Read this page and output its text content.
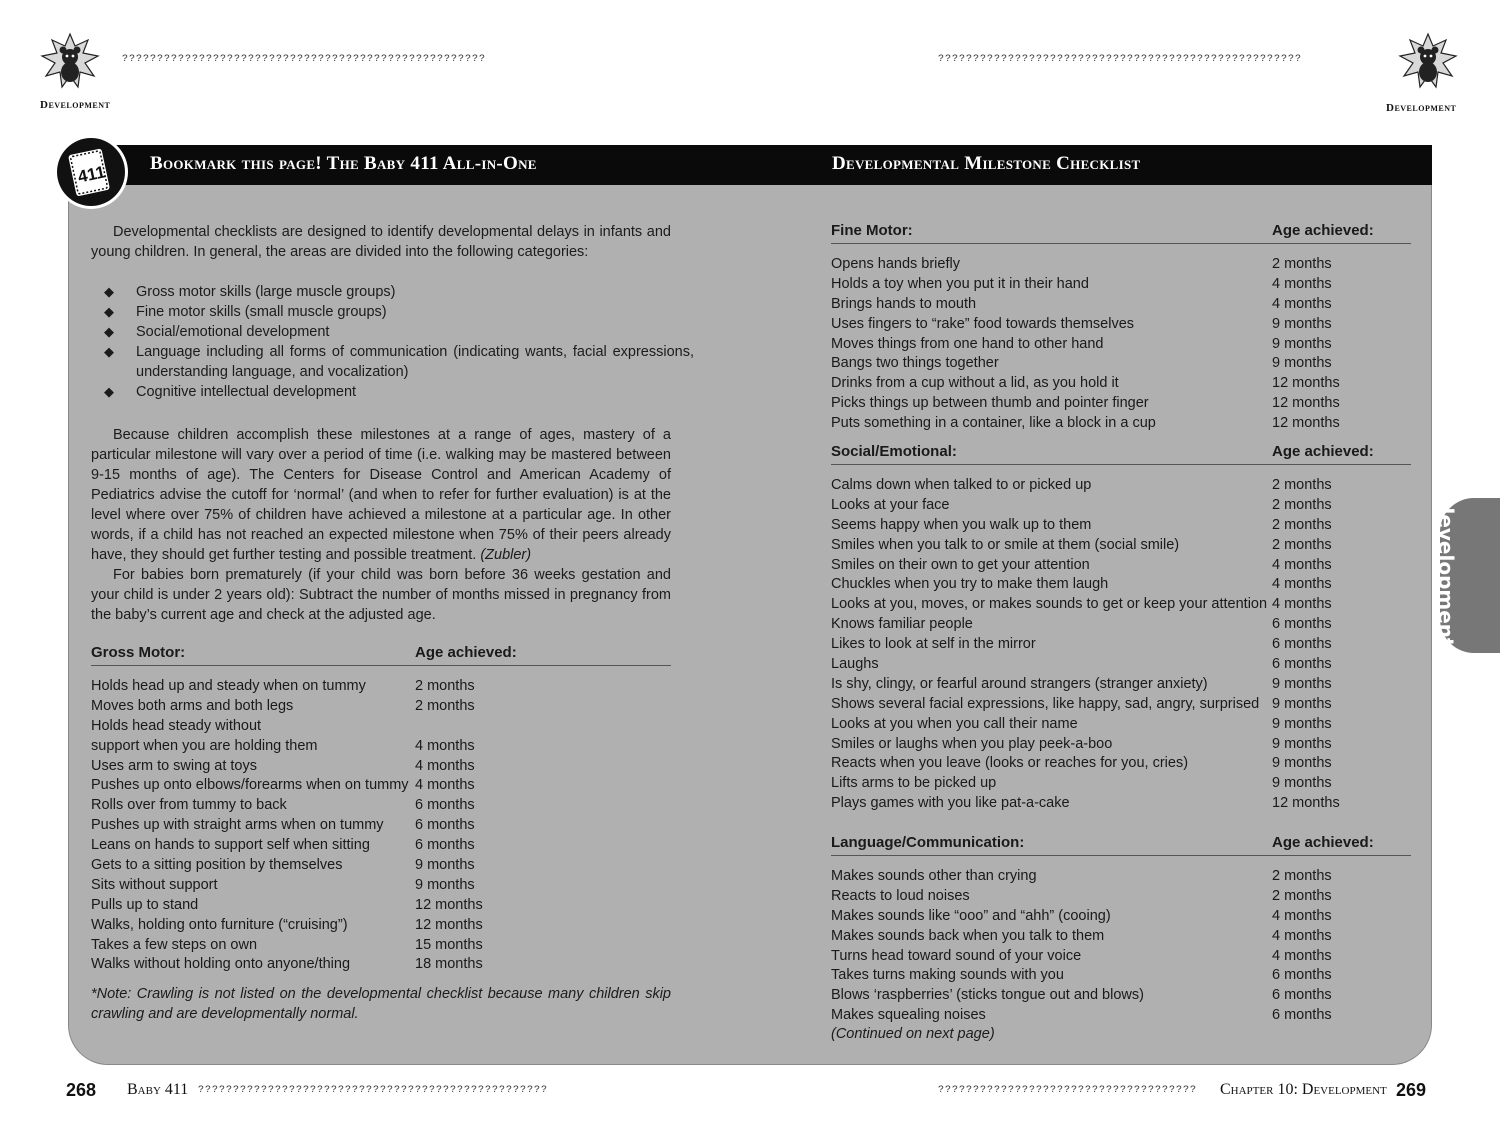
Development
????????????????????????????????????????????????????
Development
????????????????????????????????????????????????????
Bookmark this page! The Baby 411 All-in-One	Developmental Milestone Checklist
411

Developmental checklists are designed to identify developmental delays in infants and young children. In general, the areas are divided into the following categories:

◆ Gross motor skills (large muscle groups)
◆ Fine motor skills (small muscle groups)
◆ Social/emotional development
◆ Language including all forms of communication (indicating wants, facial expressions, understanding language, and vocalization)
◆ Cognitive intellectual development

Because children accomplish these milestones at a range of ages, mastery of a particular milestone will vary over a period of time (i.e. walking may be mastered between 9-15 months of age). The Centers for Disease Control and American Academy of Pediatrics advise the cutoff for ‘normal’ (and when to refer for further evaluation) is at the level where over 75% of children have achieved a milestone at a particular age. In other words, if a child has not reached an expected milestone when 75% of their peers already have, they should get further testing and possible treatment. (Zubler)

For babies born prematurely (if your child was born before 36 weeks gestation and your child is under 2 years old): Subtract the number of months missed in pregnancy from the baby’s current age and check at the adjusted age.

Gross Motor:	Age achieved:
Holds head up and steady when on tummy	2 months
Moves both arms and both legs	2 months
Holds head steady without
support when you are holding them	4 months
Uses arm to swing at toys	4 months
Pushes up onto elbows/forearms when on tummy 4 months
Rolls over from tummy to back	6 months
Pushes up with straight arms when on tummy 6 months
Leans on hands to support self when sitting	6 months
Gets to a sitting position by themselves	9 months
Sits without support	9 months
Pulls up to stand	12 months
Walks, holding onto furniture (“cruising”)	12 months
Takes a few steps on own	15 months
Walks without holding onto anyone/thing	18 months
*Note: Crawling is not listed on the developmental checklist because many children skip crawling and are developmentally normal.
Fine Motor:	Age achieved:
Opens hands briefly	2 months
Holds a toy when you put it in their hand	4 months
Brings hands to mouth	4 months
Uses fingers to “rake” food towards themselves	9 months
Moves things from one hand to other hand	9 months
Bangs two things together	9 months
Drinks from a cup without a lid, as you hold it	12 months
Picks things up between thumb and pointer finger	12 months
Puts something in a container, like a block in a cup	12 months
Social/Emotional:	Age achieved:
Calms down when talked to or picked up	2 months
Looks at your face	2 months
Seems happy when you walk up to them	2 months
Smiles when you talk to or smile at them (social smile)	2 months
Smiles on their own to get your attention	4 months
Chuckles when you try to make them laugh	4 months
Looks at you, moves, or makes sounds to get or keep your attention 4 months
Knows familiar people	6 months
Likes to look at self in the mirror	6 months
Laughs	6 months
Is shy, clingy, or fearful around strangers (stranger anxiety)	9 months
Shows several facial expressions, like happy, sad, angry, surprised 9 months
Looks at you when you call their name	9 months
Smiles or laughs when you play peek-a-boo	9 months
Reacts when you leave (looks or reaches for you, cries)	9 months
Lifts arms to be picked up	9 months
Plays games with you like pat-a-cake	12 months
Language/Communication:	Age achieved:
Makes sounds other than crying	2 months
Reacts to loud noises	2 months
Makes sounds like “ooo” and “ahh” (cooing)	4 months
Makes sounds back when you talk to them	4 months
Turns head toward sound of your voice	4 months
Takes turns making sounds with you	6 months
Blows ‘raspberries’ (sticks tongue out and blows)	6 months
Makes squealing noises	6 months
(Continued on next page)
development
268 Baby 411 ??????????????????????????????????????????????????	?????????????????????????????????????	Chapter 10: Development 269
